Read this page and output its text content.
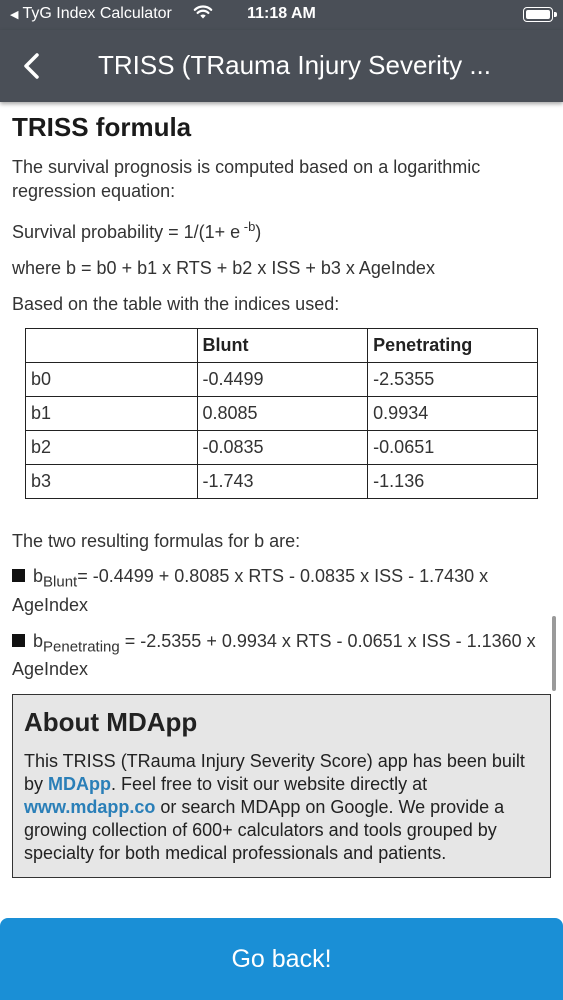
◀ TyG Index Calculator	11:18 AM
TRISS (TRauma Injury Severity ...
TRISS formula

The survival prognosis is computed based on a logarithmic regression equation:

Survival probability = 1/(1+ e $^{-b}$)

where b = b0 + b1 x RTS + b2 x ISS + b3 x AgeIndex

Based on the table with the indices used:

	Blunt	Penetrating
b0	-0.4499	-2.5355
b1	0.8085	0.9934
b2	-0.0835	-0.0651
b3	-1.743	-1.136

The two resulting formulas for b are:

$b_{Blunt}= -0.4499 + 0.8085$ x RTS - 0.0835 x ISS - 1.7430 x AgeIndex
$b_{Penetrating} = -2.5355 + 0.9934$ x RTS - 0.0651 x ISS - 1.1360 x AgeIndex
About MDApp

This TRISS (TRauma Injury Severity Score) app has been built by MDApp. Feel free to visit our website directly at www.mdapp.co or search MDApp on Google. We provide a growing collection of 600+ calculators and tools grouped by specialty for both medical professionals and patients.

Go back!
